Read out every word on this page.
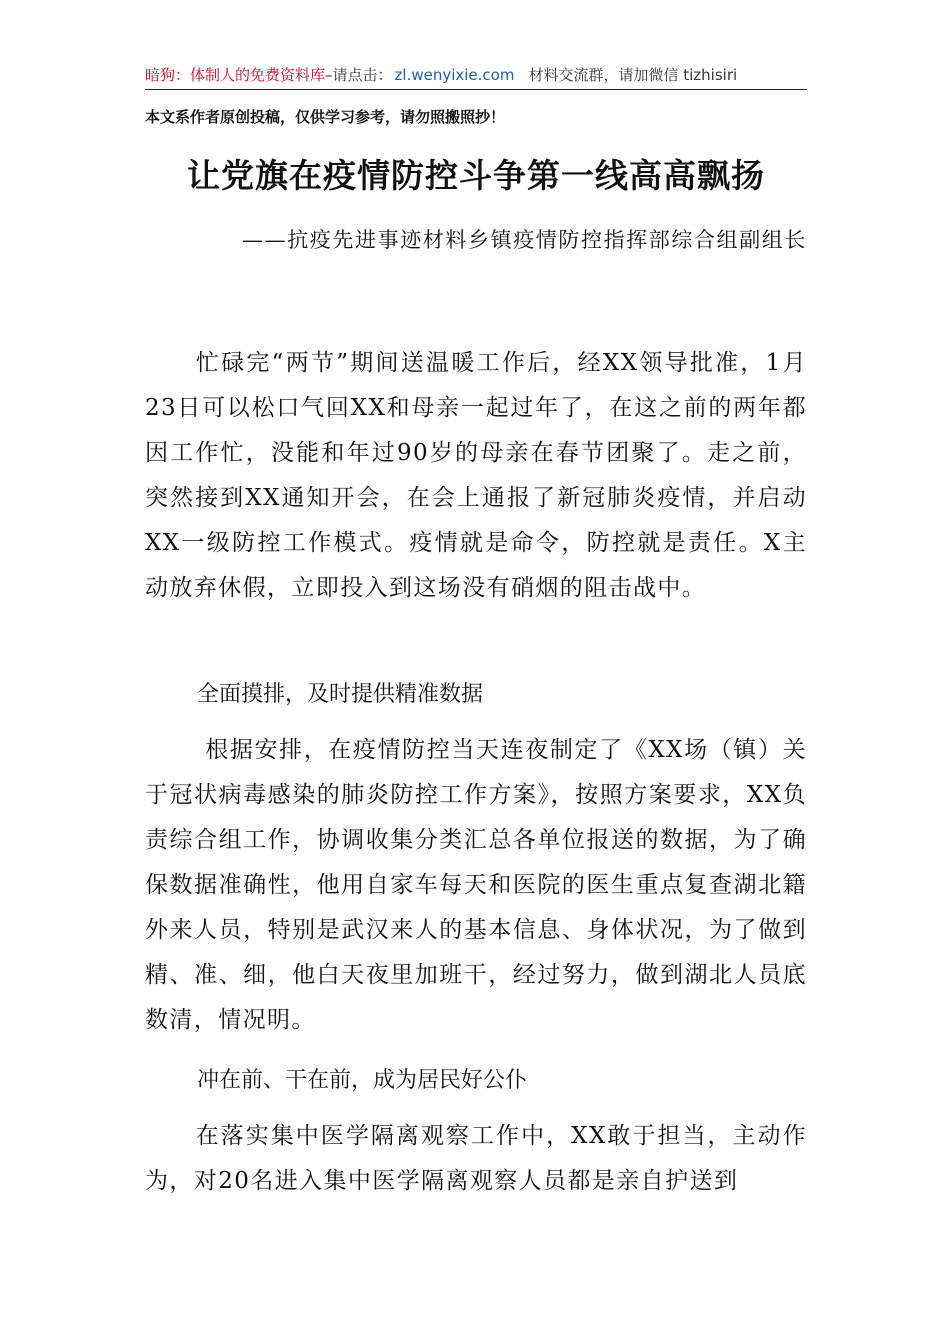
暗狗：体制人的免费资料库–请点击： zl.wenyixie.com 材料交流群，请加微信 tizhisiri
本文系作者原创投稿，仅供学习参考，请勿照搬照抄！
让党旗在疫情防控斗争第一线高高飘扬
——抗疫先进事迹材料乡镇疫情防控指挥部综合组副组长
忙碌完“两节”期间送温暖工作后，经XX领导批准，1月23日可以松口气回XX和母亲一起过年了，在这之前的两年都因工作忙，没能和年过90岁的母亲在春节团聚了。走之前，突然接到XX通知开会，在会上通报了新冠肺炎疫情，并启动XX一级防控工作模式。疫情就是命令，防控就是责任。X主动放弃休假，立即投入到这场没有硝烟的阻击战中。
全面摸排，及时提供精准数据
根据安排，在疫情防控当天连夜制定了《XX场（镇）关于冠状病毒感染的肺炎防控工作方案》，按照方案要求，XX负责综合组工作，协调收集分类汇总各单位报送的数据，为了确保数据准确性，他用自家车每天和医院的医生重点复查湖北籍外来人员，特别是武汉来人的基本信息、身体状况，为了做到精、准、细，他白天夜里加班干，经过努力，做到湖北人员底数清，情况明。
冲在前、干在前，成为居民好公仆
在落实集中医学隔离观察工作中，XX敢于担当，主动作为，对20名进入集中医学隔离观察人员都是亲自护送到
